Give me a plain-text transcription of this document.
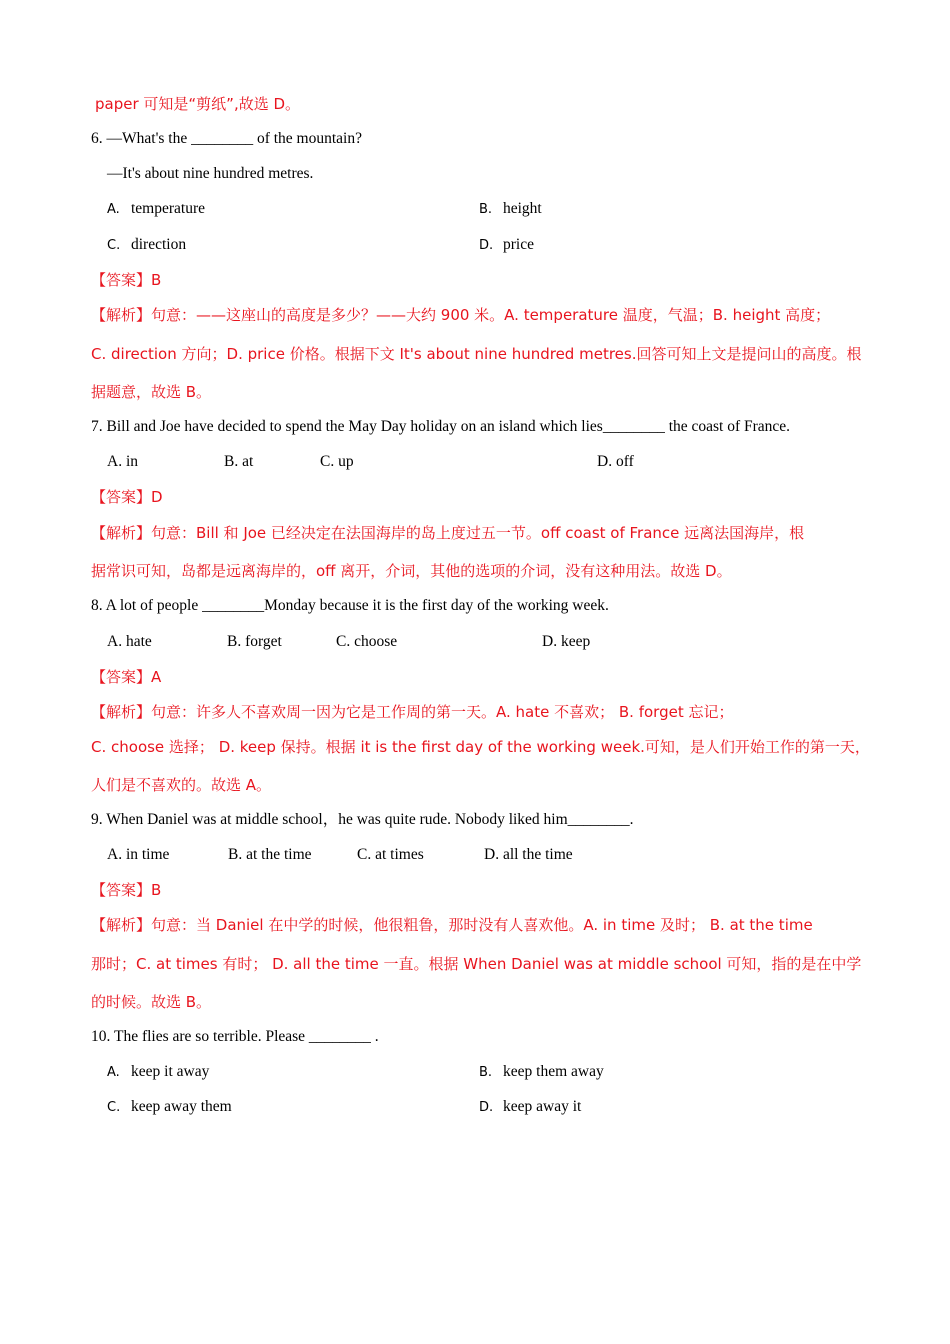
paper 可知是“剪纸”,故选 D。
6. —What's the ________ of the mountain?
—It's about nine hundred metres.
A. temperature	B. height
C. direction	D. price
【答案】B
【解析】句意：——这座山的高度是多少？——大约 900 米。A. temperature 温度，气温；B. height 高度；
C. direction 方向；D. price 价格。根据下文 It's about nine hundred metres.回答可知上文是提问山的高度。根
据题意，故选 B。
7. Bill and Joe have decided to spend the May Day holiday on an island which lies________ the coast of France.
A. in	B. at	C. up	D. off
【答案】D
【解析】句意：Bill 和 Joe 已经决定在法国海岸的岛上度过五一节。off coast of France 远离法国海岸，根
据常识可知，岛都是远离海岸的，off 离开，介词，其他的选项的介词，没有这种用法。故选 D。
8. A lot of people ________Monday because it is the first day of the working week.
A. hate	B. forget	C. choose	D. keep
【答案】A
【解析】句意：许多人不喜欢周一因为它是工作周的第一天。A. hate 不喜欢； B. forget 忘记；
C. choose 选择； D. keep 保持。根据 it is the first day of the working week.可知，是人们开始工作的第一天，
人们是不喜欢的。故选 A。
9. When Daniel was at middle school，he was quite rude. Nobody liked him________.
A. in time	B. at the time	C. at times	D. all the time
【答案】B
【解析】句意：当 Daniel 在中学的时候，他很粗鲁，那时没有人喜欢他。A. in time 及时； B. at the time
那时；C. at times 有时； D. all the time 一直。根据 When Daniel was at middle school 可知，指的是在中学
的时候。故选 B。
10. The flies are so terrible. Please ________ .
A. keep it away	B. keep them away
C. keep away them	D. keep away it
